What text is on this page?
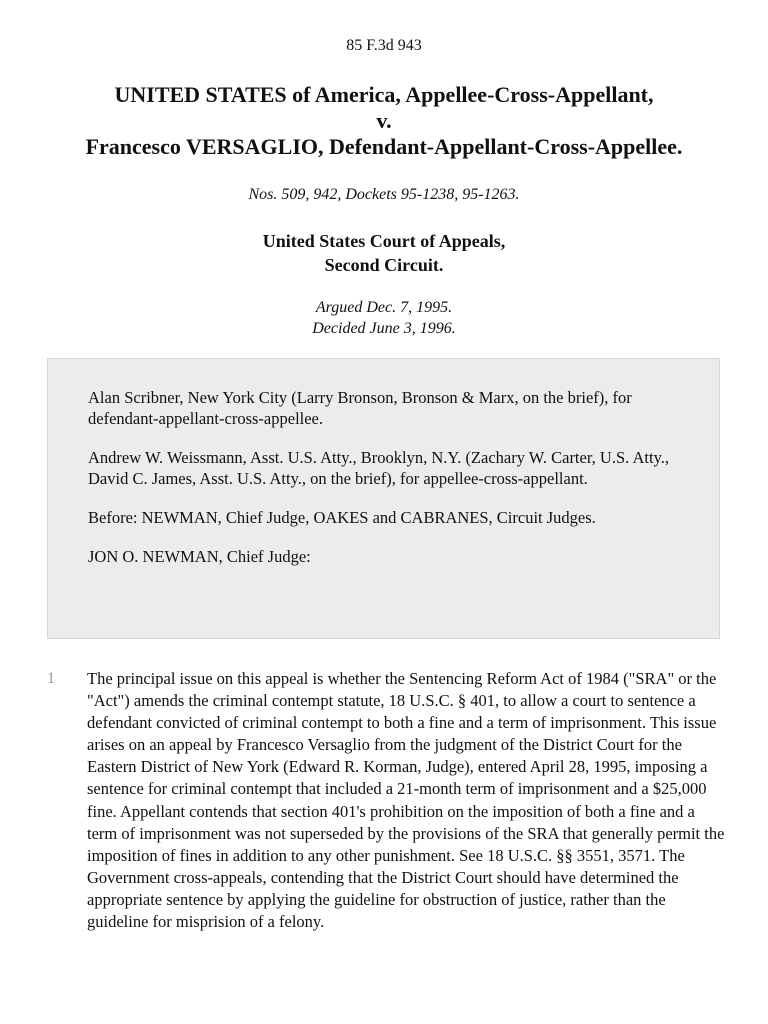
85 F.3d 943
UNITED STATES of America, Appellee-Cross-Appellant,
v.
Francesco VERSAGLIO, Defendant-Appellant-Cross-Appellee.
Nos. 509, 942, Dockets 95-1238, 95-1263.
United States Court of Appeals,
Second Circuit.
Argued Dec. 7, 1995.
Decided June 3, 1996.

Alan Scribner, New York City (Larry Bronson, Bronson & Marx, on the brief), for defendant-appellant-cross-appellee.

Andrew W. Weissmann, Asst. U.S. Atty., Brooklyn, N.Y. (Zachary W. Carter, U.S. Atty., David C. James, Asst. U.S. Atty., on the brief), for appellee-cross-appellant.

Before: NEWMAN, Chief Judge, OAKES and CABRANES, Circuit Judges.

JON O. NEWMAN, Chief Judge:

1 The principal issue on this appeal is whether the Sentencing Reform Act of 1984 ("SRA" or the "Act") amends the criminal contempt statute, 18 U.S.C. § 401, to allow a court to sentence a defendant convicted of criminal contempt to both a fine and a term of imprisonment. This issue arises on an appeal by Francesco Versaglio from the judgment of the District Court for the Eastern District of New York (Edward R. Korman, Judge), entered April 28, 1995, imposing a sentence for criminal contempt that included a 21-month term of imprisonment and a $25,000 fine. Appellant contends that section 401's prohibition on the imposition of both a fine and a term of imprisonment was not superseded by the provisions of the SRA that generally permit the imposition of fines in addition to any other punishment. See 18 U.S.C. §§ 3551, 3571. The Government cross-appeals, contending that the District Court should have determined the appropriate sentence by applying the guideline for obstruction of justice, rather than the guideline for misprision of a felony.
